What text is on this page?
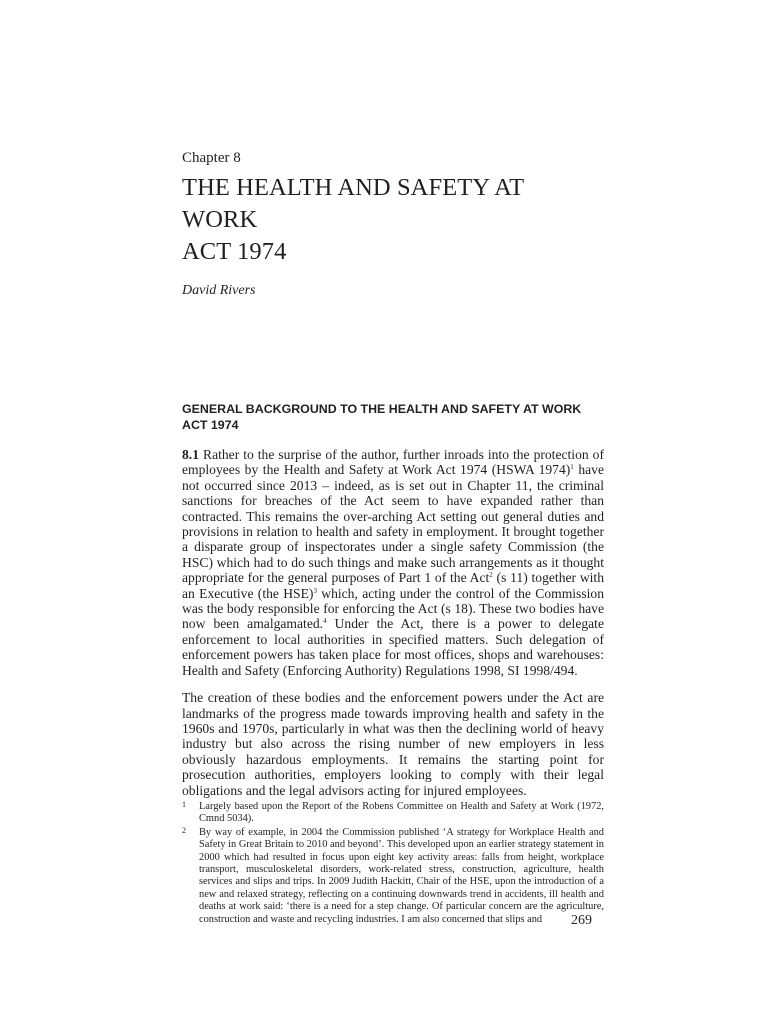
Chapter 8

THE HEALTH AND SAFETY AT WORK
ACT 1974

David Rivers

GENERAL BACKGROUND TO THE HEALTH AND SAFETY AT WORK
ACT 1974

8.1 Rather to the surprise of the author, further inroads into the protection of employees by the Health and Safety at Work Act 1974 (HSWA 1974)$^1$ have not occurred since 2013 – indeed, as is set out in Chapter 11, the criminal sanctions for breaches of the Act seem to have expanded rather than contracted. This remains the over-arching Act setting out general duties and provisions in relation to health and safety in employment. It brought together a disparate group of inspectorates under a single safety Commission (the HSC) which had to do such things and make such arrangements as it thought appropriate for the general purposes of Part 1 of the Act$^2$ (s 11) together with an Executive (the HSE)$^3$ which, acting under the control of the Commission was the body responsible for enforcing the Act (s 18). These two bodies have now been amalgamated.$^4$ Under the Act, there is a power to delegate enforcement to local authorities in specified matters. Such delegation of enforcement powers has taken place for most offices, shops and warehouses: Health and Safety (Enforcing Authority) Regulations 1998, SI 1998/494.

The creation of these bodies and the enforcement powers under the Act are landmarks of the progress made towards improving health and safety in the 1960s and 1970s, particularly in what was then the declining world of heavy industry but also across the rising number of new employers in less obviously hazardous employments. It remains the starting point for prosecution authorities, employers looking to comply with their legal obligations and the legal advisors acting for injured employees.

1	Largely based upon the Report of the Robens Committee on Health and Safety at Work (1972, Cmnd 5034).
2	By way of example, in 2004 the Commission published ‘A strategy for Workplace Health and Safety in Great Britain to 2010 and beyond’. This developed upon an earlier strategy statement in 2000 which had resulted in focus upon eight key activity areas: falls from height, workplace transport, musculoskeletal disorders, work-related stress, construction, agriculture, health services and slips and trips. In 2009 Judith Hackitt, Chair of the HSE, upon the introduction of a new and relaxed strategy, reflecting on a continuing downwards trend in accidents, ill health and deaths at work said: ‘there is a need for a step change. Of particular concern are the agriculture, construction and waste and recycling industries. I am also concerned that slips and	269
